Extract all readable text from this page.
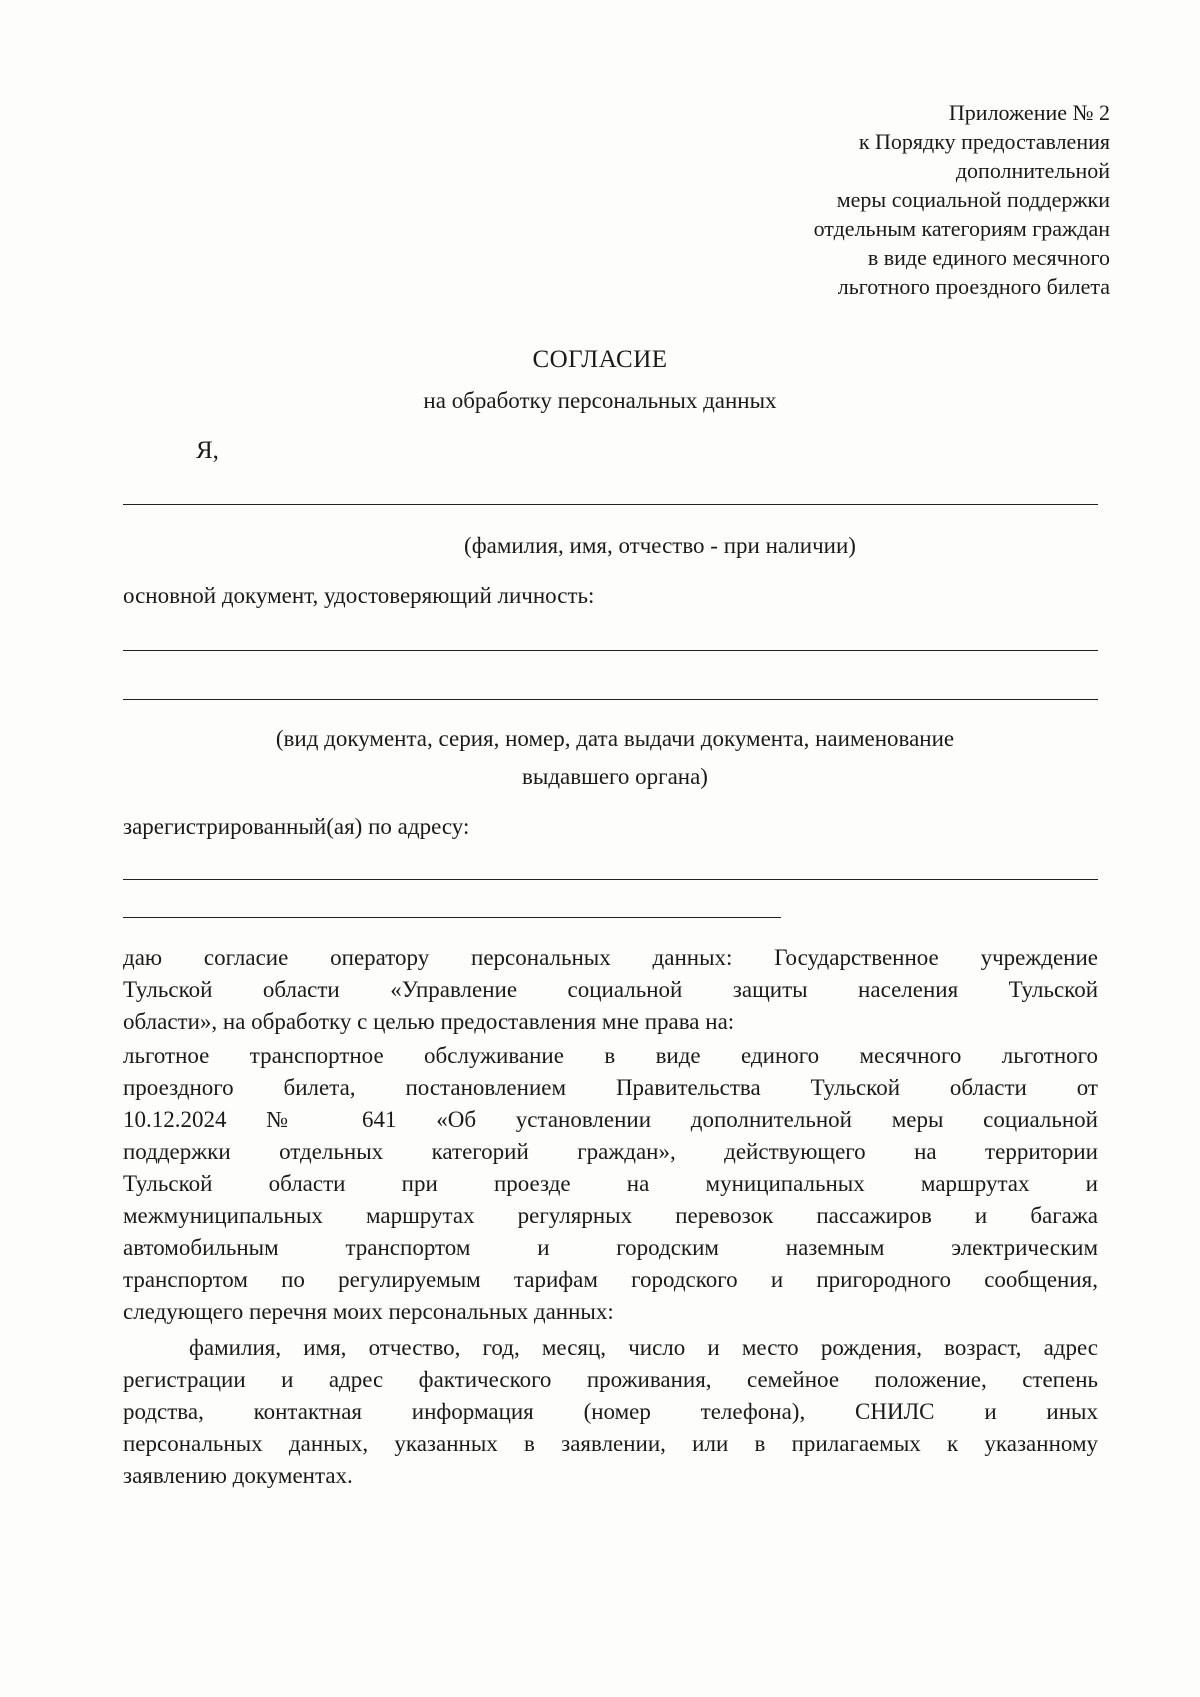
Приложение № 2
к Порядку предоставления
дополнительной
меры социальной поддержки
отдельным категориям граждан
в виде единого месячного
льготного проездного билета
СОГЛАСИЕ
на обработку персональных данных
Я,
(фамилия, имя, отчество - при наличии)
основной документ, удостоверяющий личность:
(вид документа, серия, номер, дата выдачи документа, наименование
выдавшего органа)
зарегистрированный(ая) по адресу:
даю согласие оператору персональных данных: Государственное учреждение
Тульской области «Управление социальной защиты населения Тульской
области», на обработку с целью предоставления мне права на:
льготное транспортное обслуживание в виде единого месячного льготного
проездного билета, постановлением Правительства Тульской области от
10.12.2024 № 641 «Об установлении дополнительной меры социальной
поддержки отдельных категорий граждан», действующего на территории
Тульской области при проезде на муниципальных маршрутах и
межмуниципальных маршрутах регулярных перевозок пассажиров и багажа
автомобильным транспортом и городским наземным электрическим
транспортом по регулируемым тарифам городского и пригородного сообщения,
следующего перечня моих персональных данных:
фамилия, имя, отчество, год, месяц, число и место рождения, возраст, адрес
регистрации и адрес фактического проживания, семейное положение, степень
родства, контактная информация (номер телефона), СНИЛС и иных
персональных данных, указанных в заявлении, или в прилагаемых к указанному
заявлению документах.
